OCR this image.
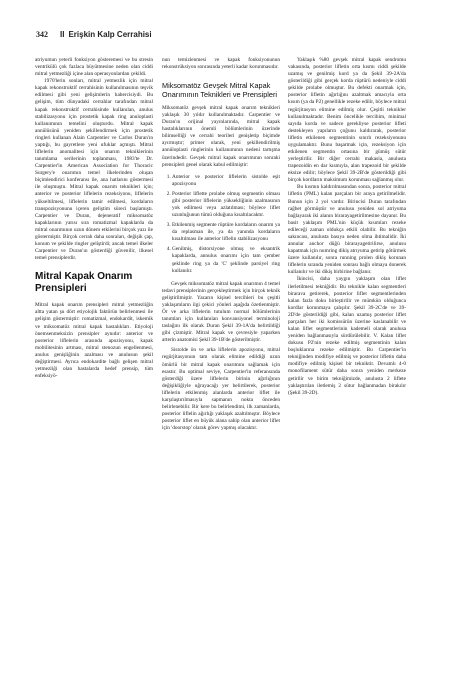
342 II Erişkin Kalp Cerrahisi

atriyumun yeterli fonksiyon gösteremesi ve bu stresin ventrikülü çok fazlaca büyütmesine neden olan ciddi mitral yetmezliği içine alan operasyonlardan çekildi.

1970'lerin sonları, mitral yetmezlik için mitral kapak rekonstruktif cerrahisinin kullanılmasının teşvik edilmesi gibi yeni gelişimlerin habercisiydi. Bu gelişim, tüm dünyadaki cerrahlar tarafından mitral kapak rekonstruktif cerrahisinde kullanılan, anulus stabilizasyonu için prostetik kapak ring anuloplasti kullanımının temelini oluşturdu. Mitral kapak annülüsünü yeniden şekillendirmek için prostetik ringleri kullanan Alain Carpentier ve Carlos Duran'ın yaptığı, bu gayretlere yeni ufuklar açmıştı. Mitral liflelerin anomalitesi için onarım tekniklerinin tanımlama serilerinin toplanması, 1983'te Dr. Carpentier'in American Association for Thoracic Surgery'e onarımın temel ilkelerinden oluşan biçimlendirici konferansı ile, ana hatlarını göstermesi ile oluşmuştu. Mitral kapak onarım teknikleri için; anterior ve posterior liflelerin rezeksiyonu, liflelerin yükseltilmesi, liflelerin tamir edilmesi, kordaların transpozisyonunu içeren geliştim süreci başlamıştı. Carpentier ve Duran, dejeneratif miksomatöz kapaklarının yarısı sıra romatizmal kapaklarda da mitral onarımının uzun dönem etkilerini birçok yazı ile göstermiştir. Birçok cerrah daha sonraları, değişik çap, konum ve şekilde ringler geliştirdi; ancak temel ilkeler Carpentier ve Duran'ın gösterdiği güvenilir, ilkesel temel prensiplerdir.

Mitral Kapak Onarım Prensipleri

Mitral kapak onarım prensipleri mitral yetmezliğin altta yatan şu dört etiyolojik faktörün belirlenmesi ile gelişim göstermiştir: romatizmal, endokardit, iskemik ve miksomatöz mitral kapak hastalıkları. Etiyoloji önemsenmeksizin prensipler aynıdır: anterior ve posterior liflelerin arasında apozisyonu, kapak mobilitesinin artması, mitral stenozun engellenmesi, anulus genişliğinin azalması ve anulusun şekil değiştirmesi. Ayrıca endokardite bağlı gelişen mitral yetmezliği olan hastalarda hedef prensip, tüm enfeksiyö-

nun temizlenmesi ve kapak fonksiyonunun rekonstrüksiyon sonrasında yeterli kadar korunmasıdır.

Miksomatöz Gevşek Mitral Kapak Onarımının Teknikleri ve Prensipleri

Miksomatöz gevşek mitral kapak onarım teknikleri yaklaşık 30 yıldır kullanılmaktadır. Carpentier ve Duran'ın orijinal yayınlarında, mitral kapak hastalıklarının önemli bölümlerinin üzerinde bilimselliği ve cerrahi teorileri genişletip biçimde ayırmıştır; primer olarak, yeni şekillendirilmiş annüloplasti ringlerinin kullanımının nedeni tartışma üzerindedir. Gevşek mitral kapak onarımının sonraki prensipleri genel olarak kabul edilmiştir:

1. Anterior ve posterior liflelerin sistolde eşit apozisyonu
2. Posterior liflette prolabe olmuş segmentin olması gibi posterior liflelerin yüksekliğinin azalmasının yok edilmesi veya azlatılması; böylece liflet uzunluğunun tümü olduğuna kısaltılacaktır.
3. Etkilenmiş segmente rüptüre kordaların onarım ya da replasman ile, ya da yanında kordaların kısaltılması ile anterior liflelin stabilizasyonu
4. Genilmiş, distorsiyone olmuş ve eksantrik kapaklarda, annulus onarımı için tam çember şeklinde ring ya da 'C' şeklinde parsiyel ring kullanılır.

Gevşek miksomatöz mitral kapak onarımın 4 temel tedavi prensiplerinin gerçekleştirmek için birçok teknik geliştirilmiştir. Yazarın kişisel tercihleri bu çeşitli yaklaşımların ilgi çekici yönleri aşağıda özetlenmiştir. Ör ve arka liflelerin tutulum normal bölümlerinin tanımları için kullanılan konvansiyonel terminoloji taslağını ilk olarak Duran Şekil 39-1A'da belirtildiği gibi çizmiştir. Mitral kapak ve çevresiyle yaparken arterin anatomisi Şekil 39-1B'de gösterilmiştir.

Sistolde ön ve arka liflelerin apozisyonu, mitral regürjitasyonun tam olarak elimine edildiği uzun ömürlü bir mitral kapak onarımını sağlamak için esastır. Bu optimal seviye, Carpentier'in referansında gösterdiği üzere liflelerin birinin ağırlığının değişikliğiyle uğrayacağı yer belirtilerek, posterior liflelerin etkilenmiş alanlarda anterior liflet ile karşılaştırılmasıyla sapmanın nokta önceden belirlenebilir. Bir kere bu belirlendimi, ilk zamanlarda, posterior liflelin ağırlığı yaklaşık azaltılmıştır. Böylece posterior liflet en büyük alana sahip olan anterior liflet için 'doorstop' olarak görev yapmış olacaktır.

Yaklaşık %80 gevşek mitral kapak sendromu vakasında, posterior lifletin orta kısmı ciddi şekilde uzamış ve genilmiş kord ya da Şekil 39-2A'da gösterildiği gibi gerçek korda rüptürü nedeniyle ciddi şekilde prolabe olmuştur. Bu defekti onarmak için, posterior lifletin ağırlığını azaltmak amacıyla orta kısım (ya da P2) genellikle rezeke edilir, böylece mitral regürjitasyon elimine edilmiş olur. Çeşitli teknikler kullanılmaktadır. Benim öncelikle tercihim, minimal sayıda korda ve sadece gerekliyse posterior lifleti destekleyen yapıların çoğunu kaldırarak, posterior lifletin etkilenen segmentinin sınırlı rezeksiyonunu uygulamaktır. Bunu başarmak için, rezeksiyon için etkilenen segmentin ortasına bir gümüş sütür yerleştirilir. Bir diğer cerrahi makasla, anulusta trapezoidin en dar kısmıyla, alan trapezoid bir şekilde eksize edilir; böylece Şekil 39-2B'de gösterildiği gibi birçok kordların maksimum korunması sağlanmış olur.

Bu kısmın kaldırılmasından sonra, posterior mitral lifletin (PML) kalan parçaları bir araya getirilmelidir. Bunun için 2 yol vardır. Birincisi Duran tarafından rağbet görmüştür ve anulusu yeniden sol atriyuma bağlayarak iki alanın birarayagetirilmesine dayanır. Bu basit yaklaşım PML'nin küçük kısımları rezeke edileceği zaman oldukça etkili olabilir. Bu tekniğin sakıncası, anulusta basıya neden olma ihtimalidir. İki annular anchor düğü birarayagetirilirse, anulusu kapatmak için numring dikiş atrıyuma getirip götürmek üzere kullanılır, sonra running prolen dikiş korunan liflelerin sıranda yeniden sonrası bağlı olmaya donerek kullanılır ve iki dikiş birbirine bağlanır.

İkincisi, daha yaygın yaklaşım olan liflet ilerletilmesi tekniğidir. Bu teknikle kalan segmentleri birarava getirerek, posterior liflet segmentlerinden kalan fazla doku birleştirilir ve mümkün olduğunca kordlar korunmaya çalışılır. Şekil 39-2C'de ve 39-2D'de gösterildiği gibi, kalan uzamış posterior liflet parçaları her iki komissürün üzerine kaslanabilir ve kalan liflet segmentlerinin kademeli olarak anulusa yeniden bağlanmasıyla sürdürülebilir. V. Kalan liflet dokusu P2'nin rezeke edilmiş segmentinin kalan boşluklarına rezeke edilmiştir. Bu Carpentier'in tekniğinden modifiye edilmiş ve posterior lifletin daha modifiye edilmiş kişisel bir tekniktir. Devamlı 4-0 monofilament sütür daha sonra yeniden merkeze getirilir ve birim tekniğimizde, anulusta 2 liflete yaklaştırılan iletlemiş 2 sütur bağlanmadan birakılır (Şekil 39-2D).
